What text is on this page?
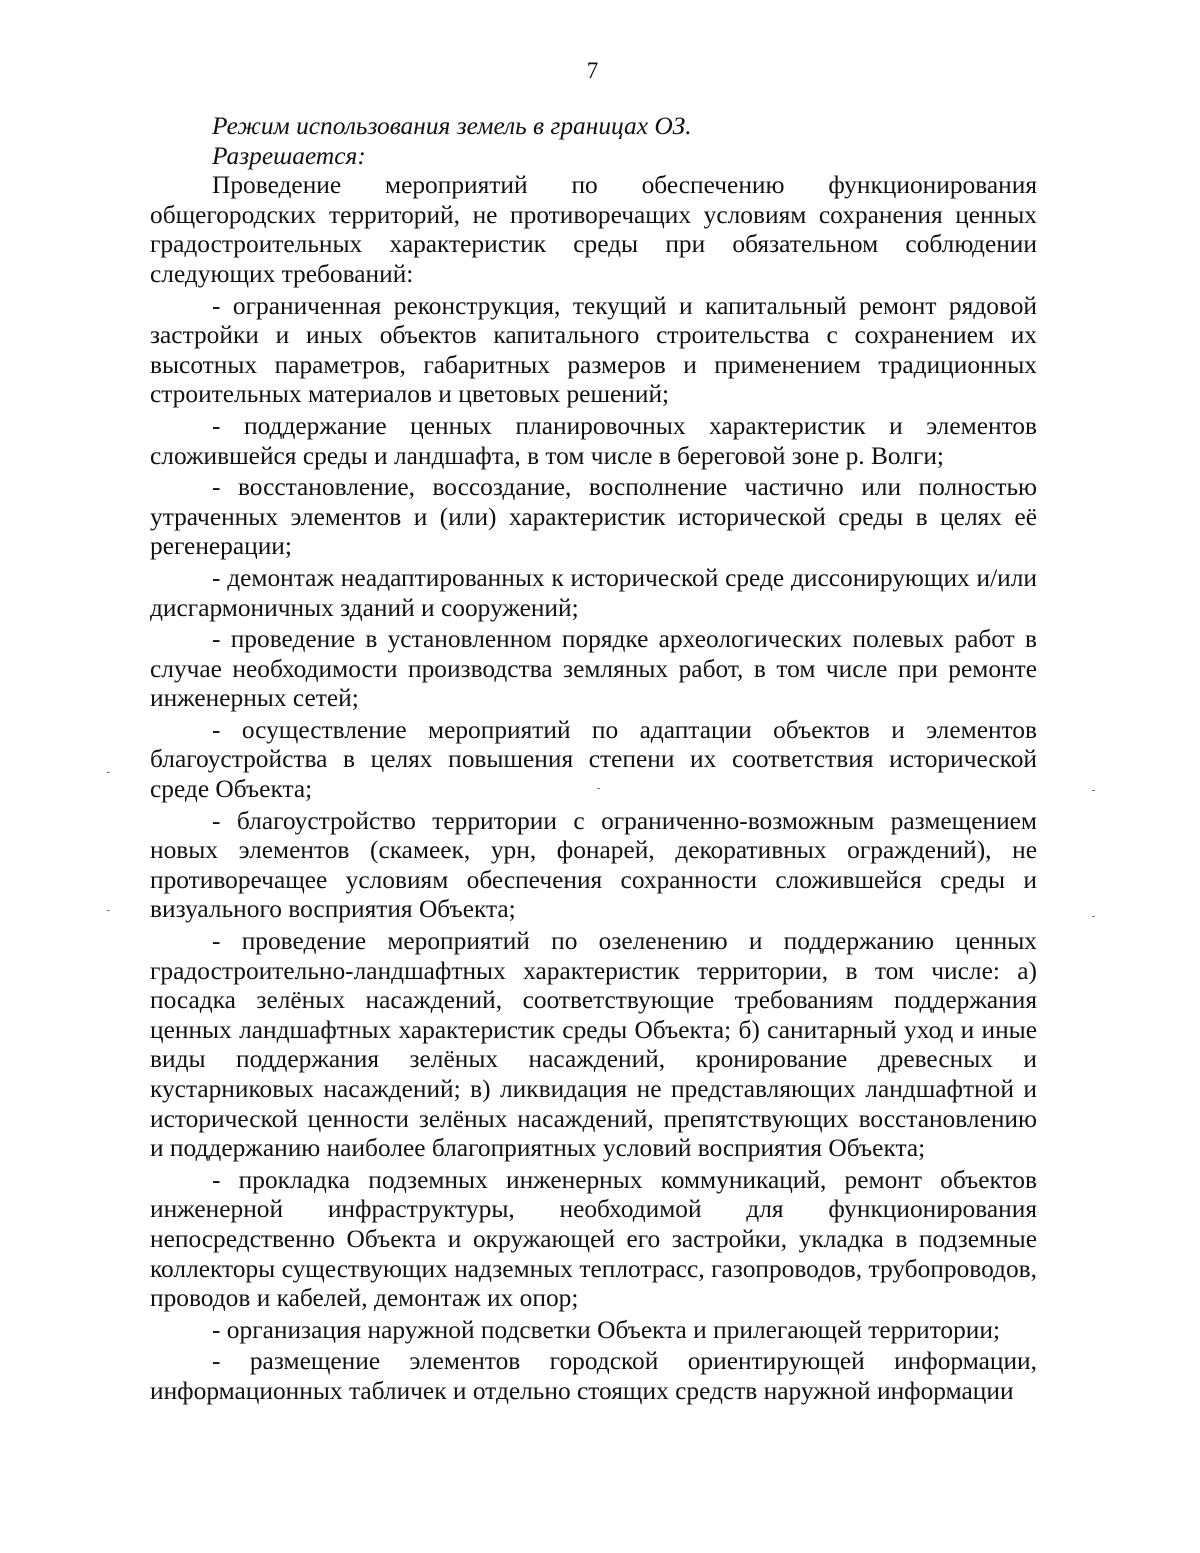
7

Режим использования земель в границах ОЗ.

Разрешается:

Проведение мероприятий по обеспечению функционирования общегородских территорий, не противоречащих условиям сохранения ценных градостроительных характеристик среды при обязательном соблюдении следующих требований:

- ограниченная реконструкция, текущий и капитальный ремонт рядовой застройки и иных объектов капитального строительства с сохранением их высотных параметров, габаритных размеров и применением традиционных строительных материалов и цветовых решений;

- поддержание ценных планировочных характеристик и элементов сложившейся среды и ландшафта, в том числе в береговой зоне р. Волги;

- восстановление, воссоздание, восполнение частично или полностью утраченных элементов и (или) характеристик исторической среды в целях её регенерации;

- демонтаж неадаптированных к исторической среде диссонирующих и/или дисгармоничных зданий и сооружений;

- проведение в установленном порядке археологических полевых работ в случае необходимости производства земляных работ, в том числе при ремонте инженерных сетей;

- осуществление мероприятий по адаптации объектов и элементов благоустройства в целях повышения степени их соответствия исторической среде Объекта;

- благоустройство территории с ограниченно-возможным размещением новых элементов (скамеек, урн, фонарей, декоративных ограждений), не противоречащее условиям обеспечения сохранности сложившейся среды и визуального восприятия Объекта;

- проведение мероприятий по озеленению и поддержанию ценных градостроительно-ландшафтных характеристик территории, в том числе: а) посадка зелёных насаждений, соответствующие требованиям поддержания ценных ландшафтных характеристик среды Объекта; б) санитарный уход и иные виды поддержания зелёных насаждений, кронирование древесных и кустарниковых насаждений; в) ликвидация не представляющих ландшафтной и исторической ценности зелёных насаждений, препятствующих восстановлению и поддержанию наиболее благоприятных условий восприятия Объекта;

- прокладка подземных инженерных коммуникаций, ремонт объектов инженерной инфраструктуры, необходимой для функционирования непосредственно Объекта и окружающей его застройки, укладка в подземные коллекторы существующих надземных теплотрасс, газопроводов, трубопроводов, проводов и кабелей, демонтаж их опор;

- организация наружной подсветки Объекта и прилегающей территории;

- размещение элементов городской ориентирующей информации, информационных табличек и отдельно стоящих средств наружной информации
